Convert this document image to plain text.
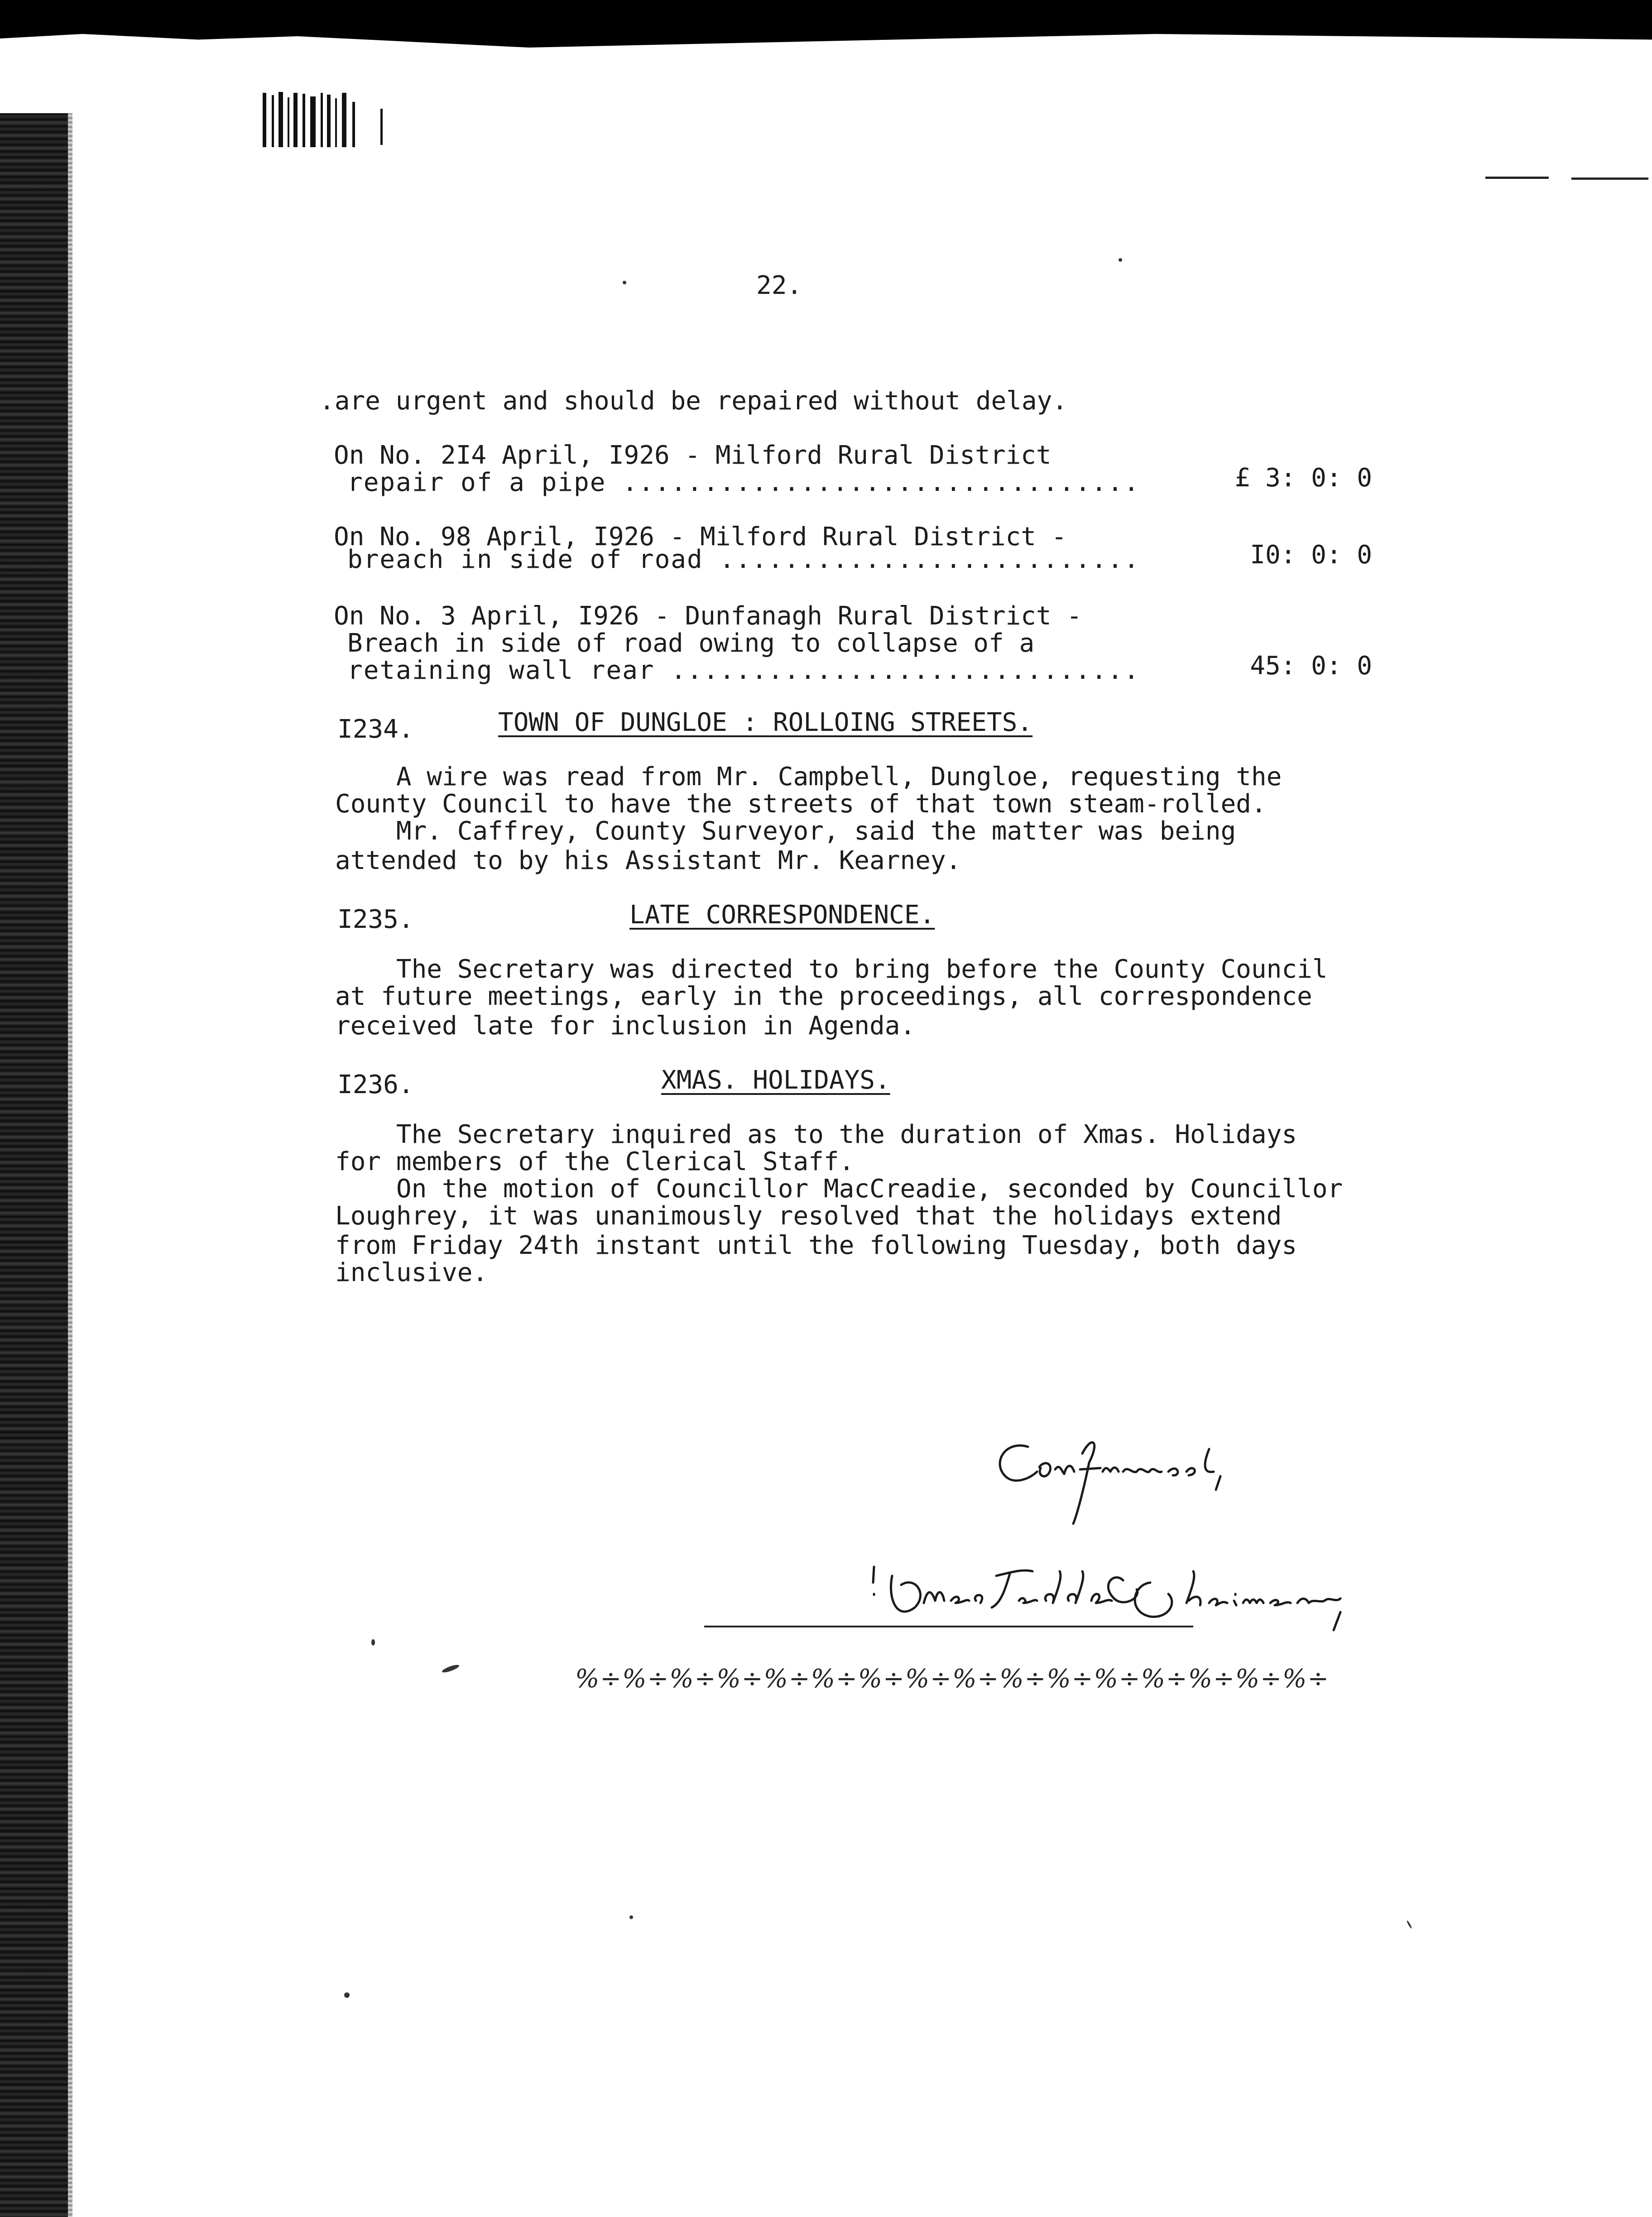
22.
.are urgent and should be repaired without delay.
On No. 2I4 April, I926 - Milford Rural District
repair of a pipe ................................	£ 3: 0: 0
On No. 98 April, I926 - Milford Rural District -
breach in side of road ..........................	I0: 0: 0
On No. 3 April, I926 - Dunfanagh Rural District -
Breach in side of road owing to collapse of a
retaining wall rear .............................	45: 0: 0
I234.	TOWN OF DUNGLOE : ROLLOING STREETS.
A wire was read from Mr. Campbell, Dungloe, requesting the
County Council to have the streets of that town steam-rolled.
Mr. Caffrey, County Surveyor, said the matter was being
attended to by his Assistant Mr. Kearney.
I235.	LATE CORRESPONDENCE.
The Secretary was directed to bring before the County Council
at future meetings, early in the proceedings, all correspondence
received late for inclusion in Agenda.
I236.	XMAS. HOLIDAYS.
The Secretary inquired as to the duration of Xmas. Holidays
for members of the Clerical Staff.
On the motion of Councillor MacCreadie, seconded by Councillor
Loughrey, it was unanimously resolved that the holidays extend
from Friday 24th instant until the following Tuesday, both days
inclusive.
%÷%÷%÷%÷%÷%÷%÷%÷%÷%÷%÷%÷%÷%÷%÷%÷
